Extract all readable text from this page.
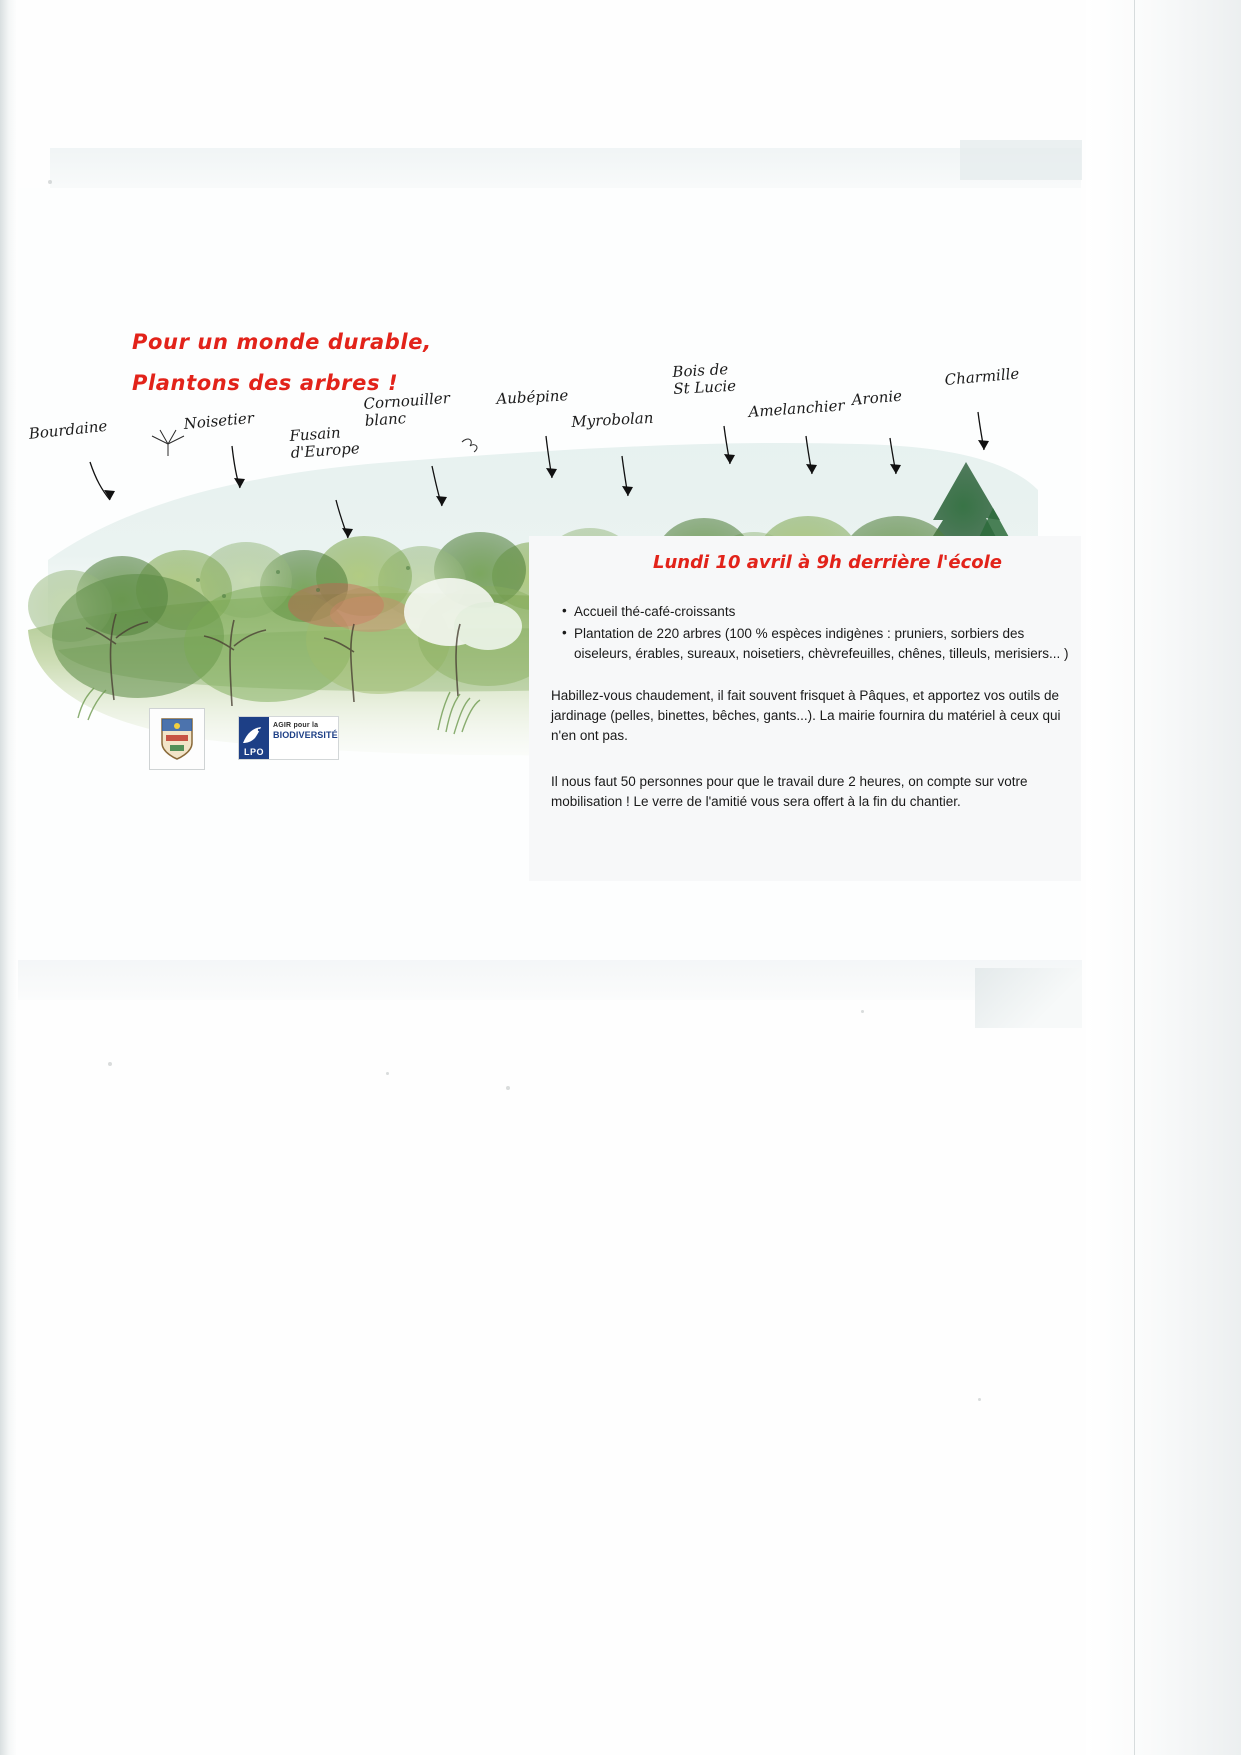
Bourdaine	Noisetier
Fusain
d'Europe
Cornouiller
blanc
Aubépine
Myrobolan
Bois de
St Lucie
Amelanchier Aronie
Charmille
LPO
AGIR pour la
BIODIVERSITÉ
Lundi 10 avril à 9h derrière l'école
• Accueil thé-café-croissants
• Plantation de 220 arbres (100 % espèces indigènes : pruniers, sorbiers des oiseleurs, érables, sureaux, noisetiers, chèvrefeuilles, chênes, tilleuls, merisiers... )

Habillez-vous chaudement, il fait souvent frisquet à Pâques, et apportez vos outils de jardinage (pelles, binettes, bêches, gants...). La mairie fournira du matériel à ceux qui n'en ont pas.

Il nous faut 50 personnes pour que le travail dure 2 heures, on compte sur votre mobilisation ! Le verre de l'amitié vous sera offert à la fin du chantier.

Pour un monde durable,
Plantons des arbres !
